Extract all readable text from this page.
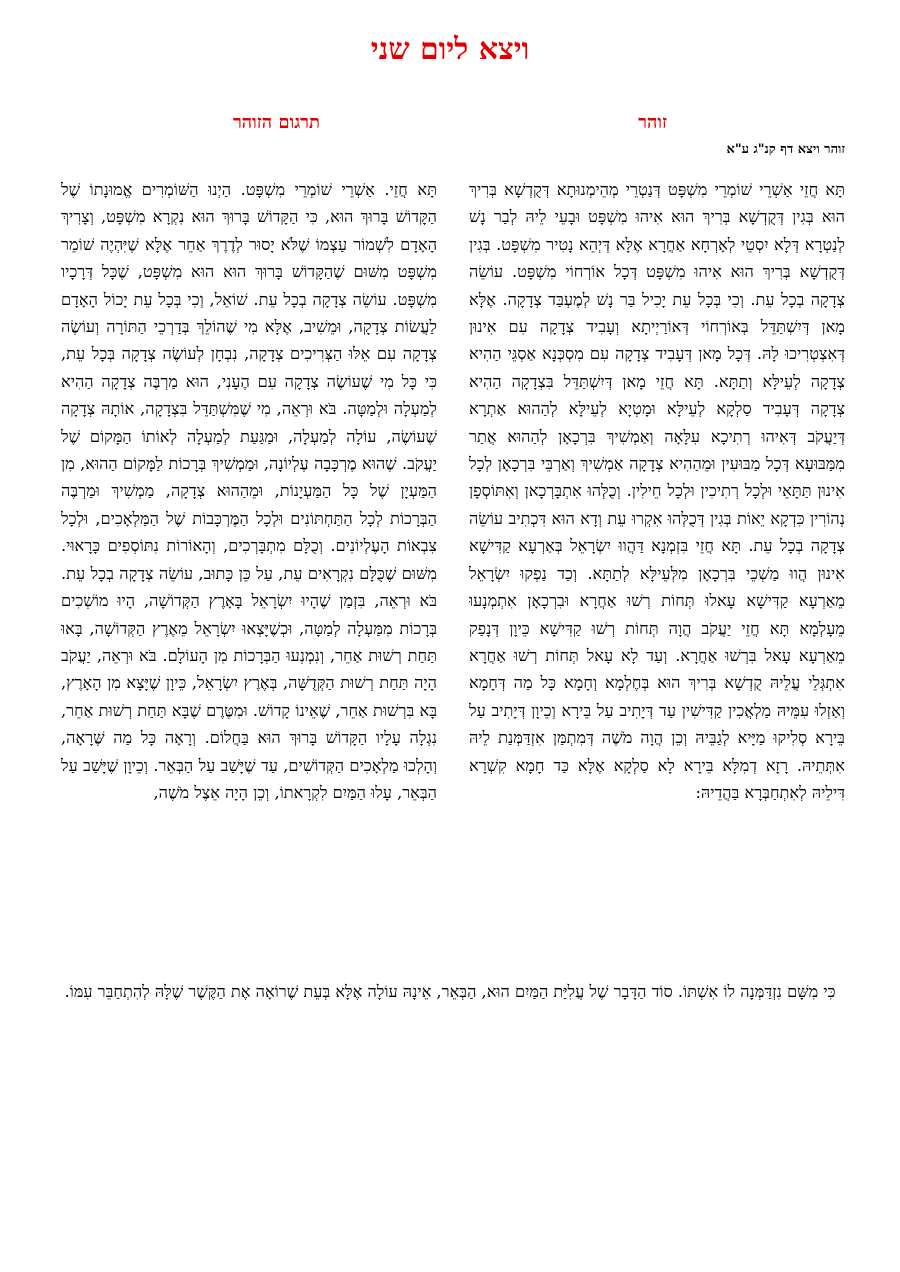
ויצא ליום שני
זוהר
תרגום הזוהר

זוהר ויצא דף קנ"ג ע"א

תָּא חֲזֵי אַשְׁרֵי שׁוֹמְרֵי מִשְׁפָּט דְּנַטְרֵי מְהֵימְנוּתָא דְּקֻדְשָׁא בְּרִיךְ הוּא בְּגִין דְּקֻדְשָׁא בְּרִיךְ הוּא אִיהוּ מִשְׁפָּט וּבָעֵי לֵיהּ לְבַר נָשׁ לְנַטְרָא דְּלָא יִסְטֵי לְאָרְחָא אַחֲרָא אֶלָּא דְּיְהֵא נָטִיר מִשְׁפָּט. בְּגִין דְּקֻדְשָׁא בְּרִיךְ הוּא אִיהוּ מִשְׁפָּט דְּכָל אוֹרְחוֹי מִשְׁפָּט. עוֹשֵׂה צְדָקָה בְכָל עֵת. וְכִי בְּכָל עֵת יָכִיל בַּר נָשׁ לְמֶעְבַּד צְדָקָה. אֶלָּא מָאן דְּיִשְׁתַּדֵּל בְּאוֹרְחוֹי דְּאוֹרַיְיתָא וְעָבִיד צְדָקָה עִם אִינוּן דְּאִצְטְרִיכוּ לָהּ. דְּכָל מָאן דְּעָבִיד צְדָקָה עִם מִסְכְּנָא אַסְגֵּי הַהִיא צְדָקָה לְעֵילָּא וְתַתָּא. תָּא חֲזֵי מָאן דְּיִשְׁתַּדֵּל בִּצְדָקָה הַהִיא צְדָקָה דְּעָבִיד סַלְקָא לְעֵילָּא וּמָטְיָא לְעֵילָּא לְהַהוּא אַתְרָא דְּיַעֲקֹב דְּאִיהוּ רְתִיכָא עִלָּאָה וְאַמְשִׁיךְ בִּרְכָאָן לְהַהוּא אֲתַר מִמַּבּוּעָא דְּכָל מַבּוּעִין וּמֵהַהִיא צְדָקָה אַמְשִׁיךְ וְאַרְבֵּי בִּרְכָאָן לְכָל אִינוּן תַּתָּאֵי וּלְכָל רְתִיכִין וּלְכָל חֵילִין. וְכֻלְּהוּ אִתְבָּרְכָאן וְאִתּוֹסְפָן נְהוֹרִין כִּדְקָא יֵאוֹת בְּגִין דְּכֻלְּהוּ אִקְרוּ עֵת וְדָא הוּא דִּכְתִיב עוֹשֵׂה צְדָקָה בְכָל עֵת. תָּא חֲזֵי בִּזְמְנָא דַּהֲווּ יִשְׂרָאֵל בְּאַרְעָא קַדִּישָׁא אִינוּן הֲווּ מַשְׁכֵי בִּרְכָאָן מִלְּעֵילָּא לְתַתָּא. וְכַד נַפְקוּ יִשְׂרָאֵל מֵאַרְעָא קַדִּישָׁא עָאלוּ תְּחוֹת רְשׁוּ אַחֲרָא וּבִרְכָאָן אִתְמְנָעוּ מֵעָלְמָא תָּא חֲזֵי יַעֲקֹב הֲוָה תְּחוֹת רְשׁוּ קַדִּישָׁא כֵּיוָן דְּנָפַק מֵאַרְעָא עָאל בִּרְשׁוּ אַחֲרָא. וְעַד לָא עָאל תְּחוֹת רְשׁוּ אַחֲרָא אִתְגְּלֵי עֲלֵיהּ קֻדְשָׁא בְּרִיךְ הוּא בְּחֶלְמָא וְחָמָא כָּל מַה דְּחָמָא וְאַזְלוּ עִמֵּיהּ מַלְאֲכִין קַדִּישִׁין עַד דְּיָתִיב עַל בֵּירָא וְכֵיוָן דְּיָתִיב עַל בֵּירָא סְלִיקוּ מַיָּיא לְגַבֵּיהּ וְכֵן הֲוָה מֹשֶׁה דְּמִתְמַּן אִזְדַּמְּנַת לֵיהּ אִתְּתֵיהּ. רָזָא דְמִלָּא בֵּירָא לָא סַלְקָא אֶלָּא כַּד חָמָא קִשְׁרָא דִּילֵיהּ לְאִתְחַבְּרָא בַּהֲדֵיהּ:

תָּא חֲזֵי. אַשְׁרֵי שׁוֹמְרֵי מִשְׁפָּט. הַיְנוּ הַשּׁוֹמְרִים אֱמוּנָתוֹ שֶׁל הַקָּדוֹשׁ בָּרוּךְ הוּא, כִּי הַקָּדוֹשׁ בָּרוּךְ הוּא נִקְרָא מִשְׁפָּט, וְצָרִיךְ הָאָדָם לִשְׁמוֹר עַצְמוֹ שֶׁלֹּא יָסוּר לְדֶרֶךְ אַחֵר אֶלָּא שֶׁיִּהְיֶה שׁוֹמֵר מִשְׁפָּט מִשּׁוּם שֶׁהַקָּדוֹשׁ בָּרוּךְ הוּא הוּא מִשְׁפָּט, שֶׁכָּל דְּרָכָיו מִשְׁפָּט. עוֹשֵׂה צְדָקָה בְכָל עֵת. שׁוֹאֵל, וְכִי בְּכָל עֵת יָכוֹל הָאָדָם לַעֲשׂוֹת צְדָקָה, וּמֵשִׁיב, אֶלָּא מִי שֶׁהוֹלֵךְ בְּדַרְכֵי הַתּוֹרָה וְעוֹשֶׂה צְדָקָה עִם אֵלּוּ הַצְּרִיכִים צְדָקָה, נִבְחָן לְעוֹשֶׂה צְדָקָה בְּכָל עֵת, כִּי כָּל מִי שֶׁעוֹשֶׂה צְדָקָה עִם הֶעָנִי, הוּא מַרְבֶּה צְדָקָה הַהִיא לְמַעְלָה וּלְמַטָּה. בֹּא וּרְאֵה, מִי שֶׁמִּשְׁתַּדֵּל בִּצְדָקָה, אוֹתָהּ צְדָקָה שֶׁעוֹשֶׂה, עוֹלָה לְמַעְלָה, וּמַגַּעַת לְמַעְלָה לְאוֹתוֹ הַמָּקוֹם שֶׁל יַעֲקֹב. שֶׁהוּא מֶרְכָּבָה עֶלְיוֹנָה, וּמַמְשִׁיךְ בְּרָכוֹת לַמָּקוֹם הַהוּא, מִן הַמַּעְיָן שֶׁל כָּל הַמַּעְיָנוֹת, וּמֵהַהוּא צְדָקָה, מַמְשִׁיךְ וּמַרְבֶּה הַבְּרָכוֹת לְכָל הַתַּחְתּוֹנִים וּלְכָל הַמֶּרְכָּבוֹת שֶׁל הַמַּלְאָכִים, וּלְכָל צִבְאוֹת הָעֶלְיוֹנִים. וְכֻלָּם מִתְבָּרְכִים, וְהָאוֹרוֹת נִתּוֹסְפִים כָּרָאוּי. מִשּׁוּם שֶׁכֻּלָּם נִקְרָאִים עֵת, עַל כֵּן כָּתוּב, עוֹשֵׂה צְדָקָה בְכָל עֵת. בֹּא וּרְאֵה, בִּזְמַן שֶׁהָיוּ יִשְׂרָאֵל בָּאָרֶץ הַקְּדוֹשָׁה, הָיוּ מוֹשְׁכִים בְּרָכוֹת מִמַּעְלָה לְמַטָּה, וּכְשֶׁיָּצְאוּ יִשְׂרָאֵל מֵאֶרֶץ הַקְּדוֹשָׁה, בָּאוּ תַּחַת רְשׁוּת אַחֵר, וְנִמְנְעוּ הַבְּרָכוֹת מִן הָעוֹלָם. בֹּא וּרְאֵה, יַעֲקֹב הָיָה תַּחַת רְשׁוּת הַקְּדֻשָּׁה, בְּאֶרֶץ יִשְׂרָאֵל, כֵּיוָן שֶׁיָּצָא מִן הָאָרֶץ, בָּא בִּרְשׁוּת אַחֵר, שֶׁאֵינוֹ קָדוֹשׁ. וּמִטֶּרֶם שֶׁבָּא תַּחַת רְשׁוּת אַחֵר, נִגְלָה עָלָיו הַקָּדוֹשׁ בָּרוּךְ הוּא בַּחֲלוֹם. וְרָאָה כָּל מַה שֶּׁרָאָה, וְהָלְכוּ מַלְאָכִים הַקְּדוֹשִׁים, עַד שֶׁיָּשַׁב עַל הַבְּאֵר. וְכֵיוָן שֶׁיָּשַׁב עַל הַבְּאֵר, עָלוּ הַמַּיִם לִקְרָאתוֹ, וְכֵן הָיָה אֵצֶל מֹשֶׁה,

כִּי מִשָּׁם נִזְדַּמְּנָה לוֹ אִשְׁתּוֹ. סוֹד הַדָּבָר שֶׁל עֲלִיַּת הַמַּיִם הוּא, הַבְּאֵר, אֵינָהּ עוֹלָה אֶלָּא בְּעֵת שֶׁרוֹאָה אֶת הַקֶּשֶׁר שֶׁלָּהּ לְהִתְחַבֵּר עִמּוֹ.
